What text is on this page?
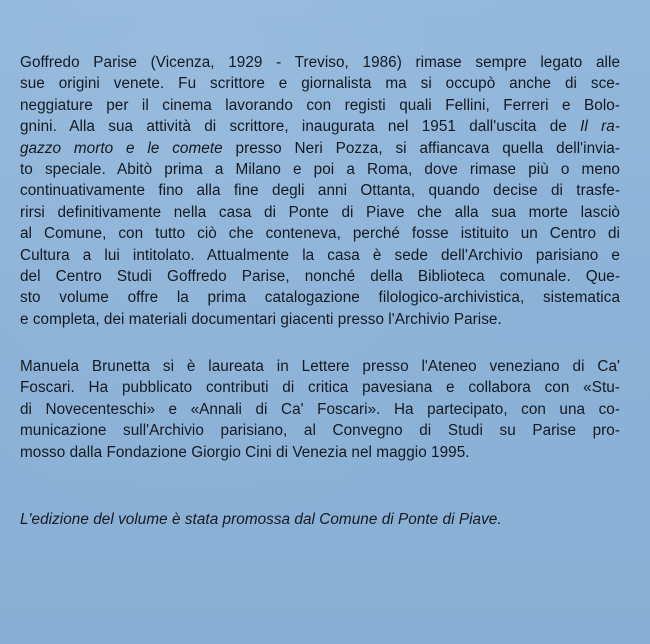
Goffredo Parise (Vicenza, 1929 - Treviso, 1986) rimase sempre legato alle
sue origini venete. Fu scrittore e giornalista ma si occupò anche di sce-
neggiature per il cinema lavorando con registi quali Fellini, Ferreri e Bolo-
gnini. Alla sua attività di scrittore, inaugurata nel 1951 dall'uscita de Il ra-
gazzo morto e le comete presso Neri Pozza, si affiancava quella dell'inviа-
to speciale. Abitò prima a Milano e poi a Roma, dove rimase più o meno
continuativamente fino alla fine degli anni Ottanta, quando decise di trasfe-
rirsi definitivamente nella casa di Ponte di Piave che alla sua morte lasciò
al Comune, con tutto ciò che conteneva, perché fosse istituito un Centro di
Cultura a lui intitolato. Attualmente la casa è sede dell'Archivio parisiano e
del Centro Studi Goffredo Parise, nonché della Biblioteca comunale. Que-
sto volume offre la prima catalogazione filologico-archivistica, sistematica
e completa, dei materiali documentari giacenti presso l'Archivio Parise.

Manuela Brunetta si è laureata in Lettere presso l'Ateneo veneziano di Ca'
Foscari. Ha pubblicato contributi di critica pavesiana e collabora con «Stu-
di Novecenteschi» e «Annali di Ca' Foscari». Ha partecipato, con una co-
municazione sull'Archivio parisiano, al Convegno di Studi su Parise pro-
mosso dalla Fondazione Giorgio Cini di Venezia nel maggio 1995.

L'edizione del volume è stata promossa dal Comune di Ponte di Piave.
